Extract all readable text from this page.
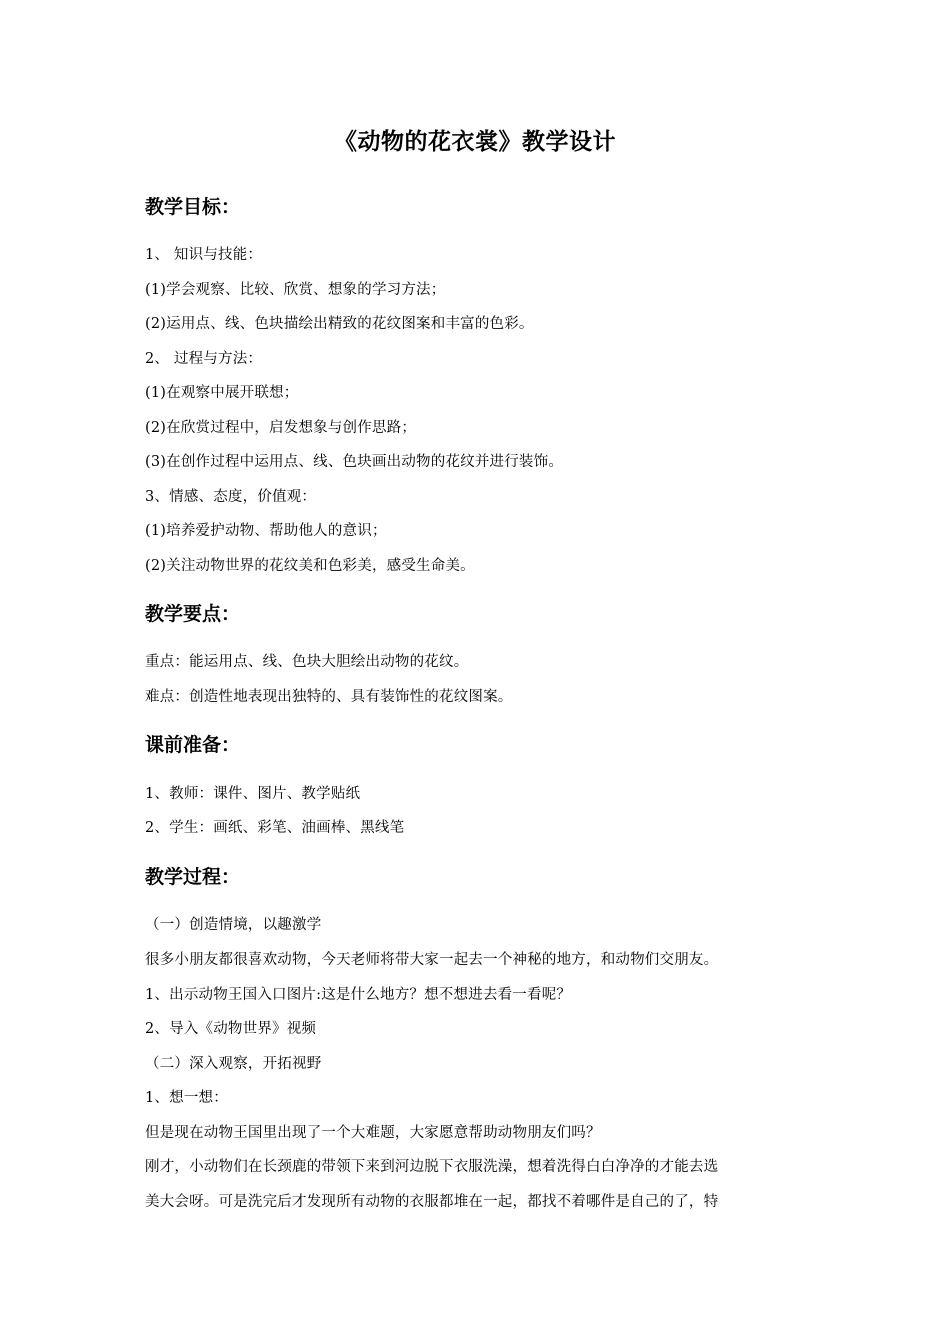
《动物的花衣裳》教学设计
教学目标：
1、 知识与技能：
(1)学会观察、比较、欣赏、想象的学习方法；
(2)运用点、线、色块描绘出精致的花纹图案和丰富的色彩。
2、 过程与方法：
(1)在观察中展开联想；
(2)在欣赏过程中，启发想象与创作思路；
(3)在创作过程中运用点、线、色块画出动物的花纹并进行装饰。
3、情感、态度，价值观：
(1)培养爱护动物、帮助他人的意识；
(2)关注动物世界的花纹美和色彩美，感受生命美。
教学要点：
重点：能运用点、线、色块大胆绘出动物的花纹。
难点：创造性地表现出独特的、具有装饰性的花纹图案。
课前准备：
1、教师：课件、图片、教学贴纸
2、学生：画纸、彩笔、油画棒、黑线笔
教学过程：
（一）创造情境，以趣激学
很多小朋友都很喜欢动物，今天老师将带大家一起去一个神秘的地方，和动物们交朋友。
1、出示动物王国入口图片:这是什么地方？想不想进去看一看呢？
2、导入《动物世界》视频
（二）深入观察，开拓视野
1、想一想：
但是现在动物王国里出现了一个大难题，大家愿意帮助动物朋友们吗？
刚才，小动物们在长颈鹿的带领下来到河边脱下衣服洗澡，想着洗得白白净净的才能去选
美大会呀。可是洗完后才发现所有动物的衣服都堆在一起，都找不着哪件是自己的了，特
